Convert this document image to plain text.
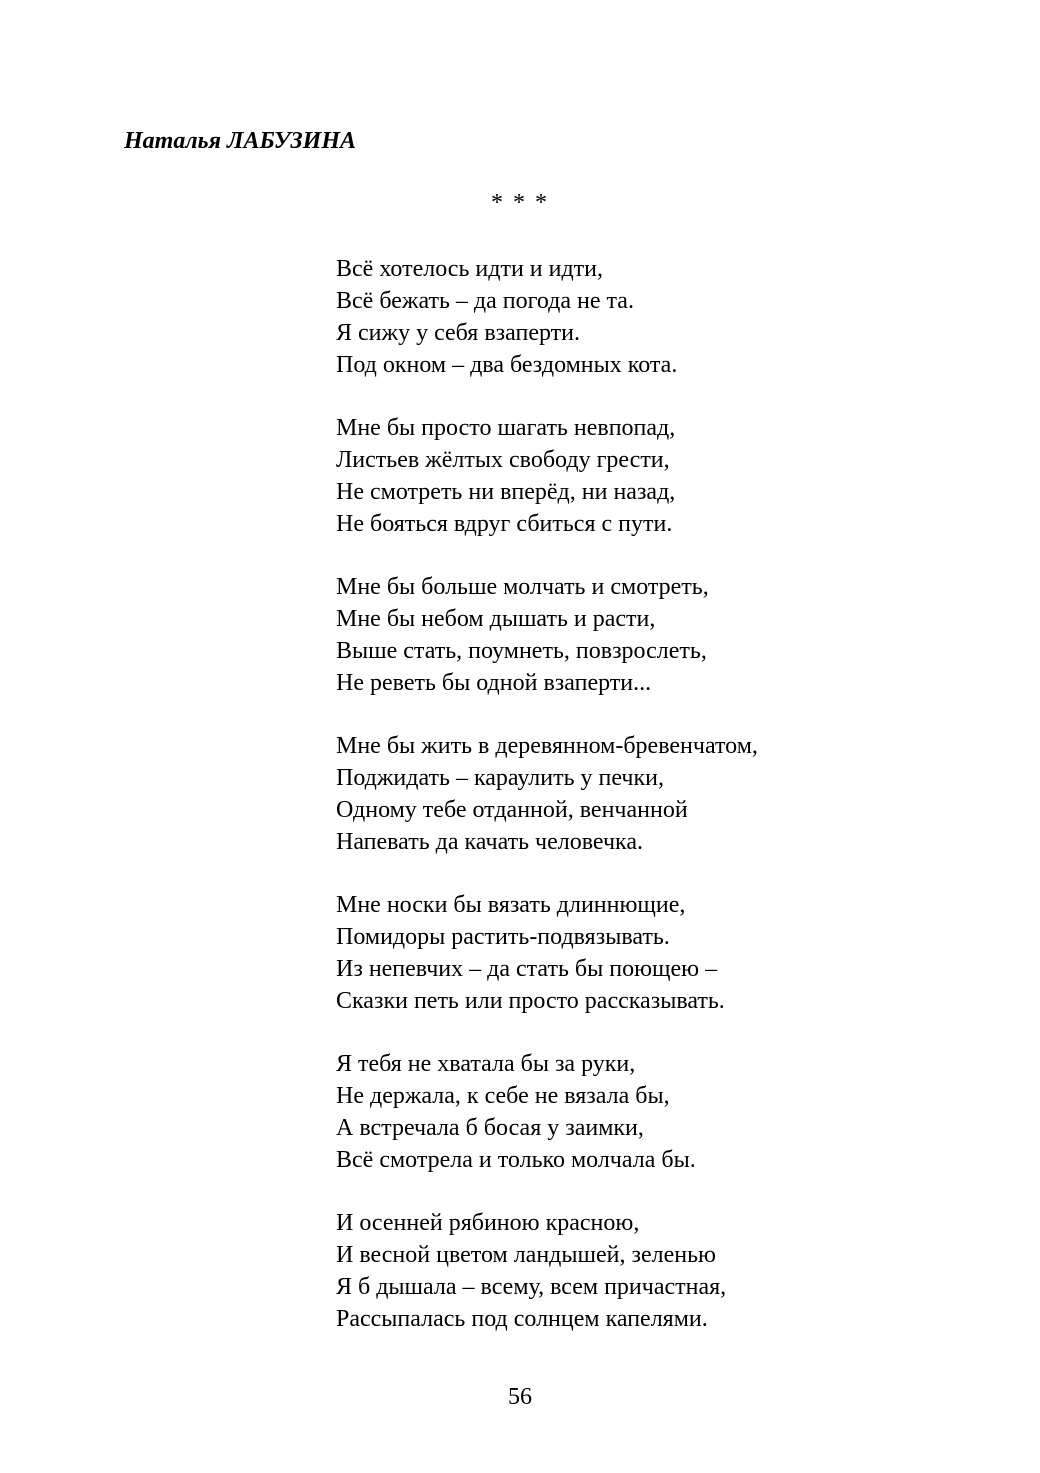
Наталья ЛАБУЗИНА
* * *
Всё хотелось идти и идти,
Всё бежать – да погода не та.
Я сижу у себя взаперти.
Под окном – два бездомных кота.
Мне бы просто шагать невпопад,
Листьев жёлтых свободу грести,
Не смотреть ни вперёд, ни назад,
Не бояться вдруг сбиться с пути.
Мне бы больше молчать и смотреть,
Мне бы небом дышать и расти,
Выше стать, поумнеть, повзрослеть,
Не реветь бы одной взаперти...
Мне бы жить в деревянном-бревенчатом,
Поджидать – караулить у печки,
Одному тебе отданной, венчанной
Напевать да качать человечка.
Мне носки бы вязать длиннющие,
Помидоры растить-подвязывать.
Из непевчих – да стать бы поющею –
Сказки петь или просто рассказывать.
Я тебя не хватала бы за руки,
Не держала, к себе не вязала бы,
А встречала б босая у заимки,
Всё смотрела и только молчала бы.
И осенней рябиною красною,
И весной цветом ландышей, зеленью
Я б дышала – всему, всем причастная,
Рассыпалась под солнцем капелями.
56
